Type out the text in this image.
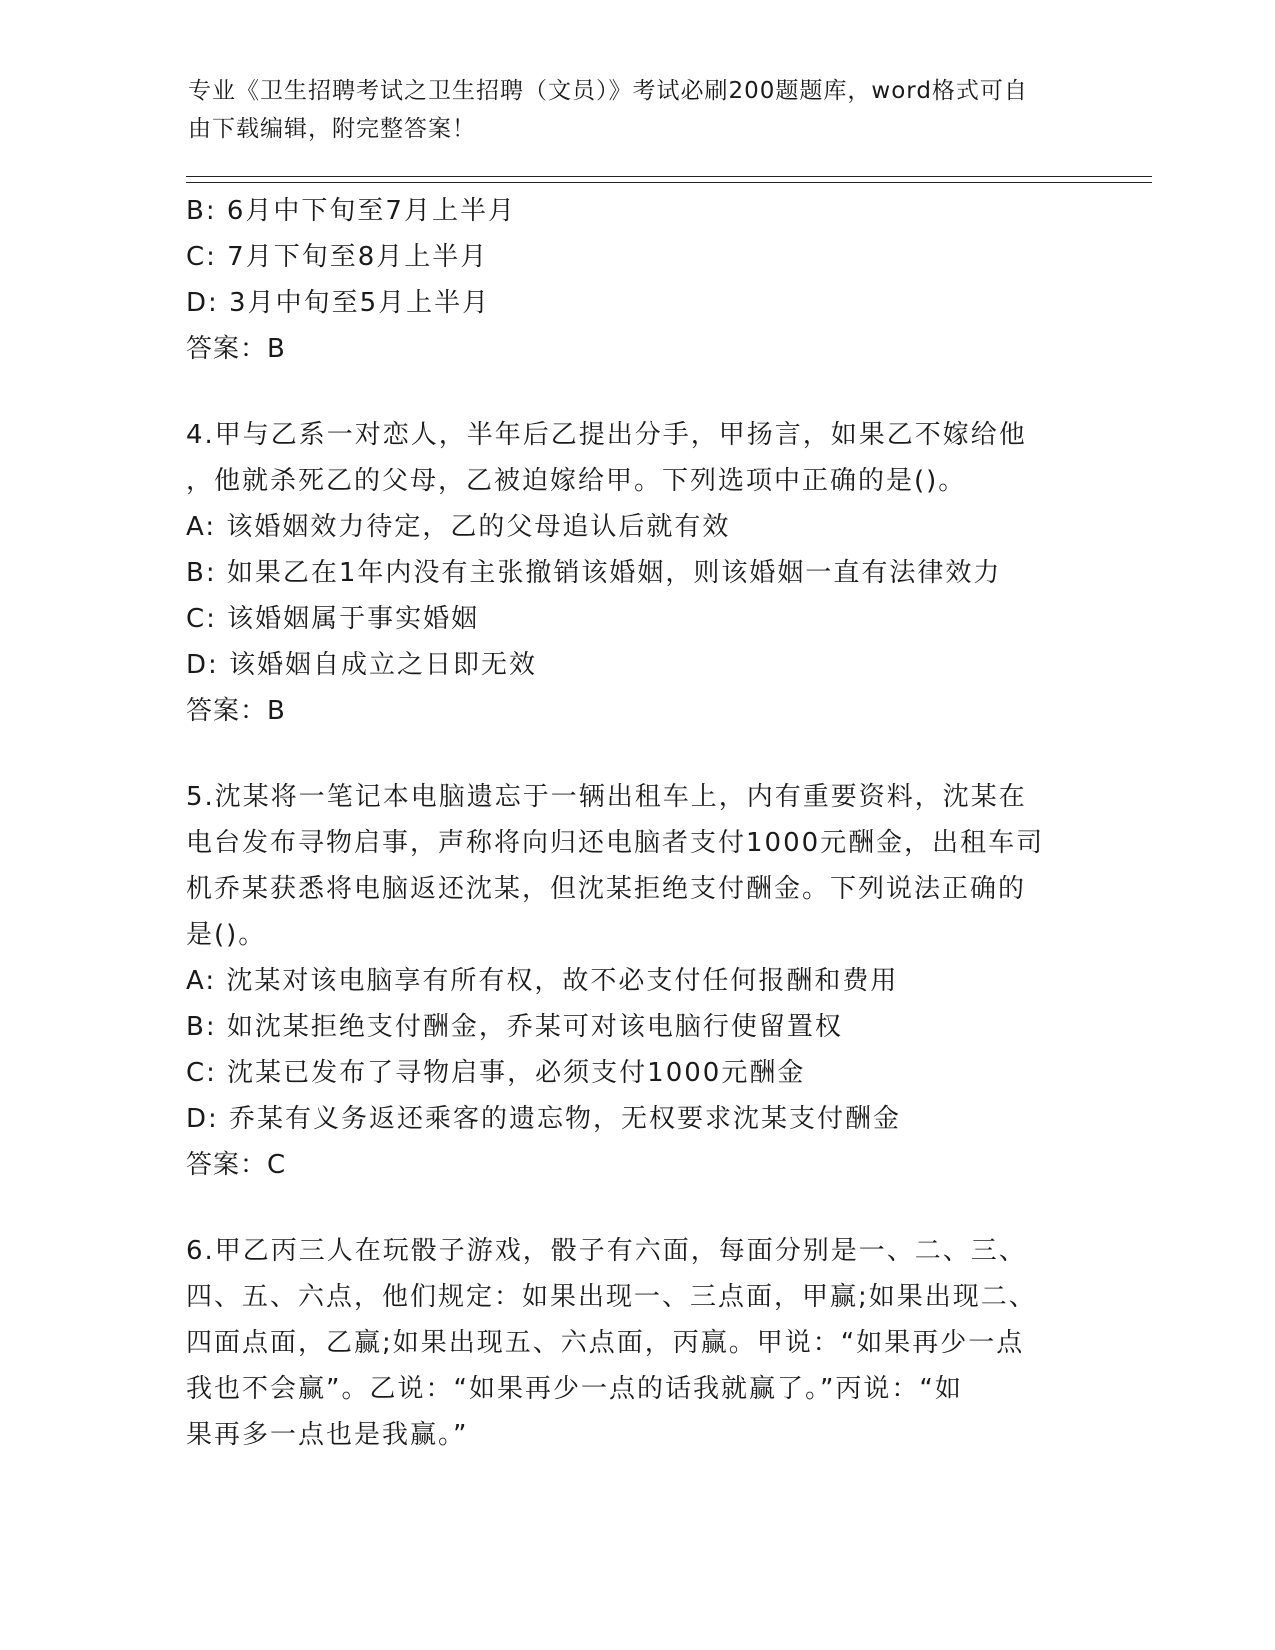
专业《卫生招聘考试之卫生招聘（文员）》考试必刷200题题库，word格式可自
由下载编辑，附完整答案！
B: 6月中下旬至7月上半月
C: 7月下旬至8月上半月
D: 3月中旬至5月上半月
答案：B
4.甲与乙系一对恋人，半年后乙提出分手，甲扬言，如果乙不嫁给他
，他就杀死乙的父母，乙被迫嫁给甲。下列选项中正确的是()。
A: 该婚姻效力待定，乙的父母追认后就有效
B: 如果乙在1年内没有主张撤销该婚姻，则该婚姻一直有法律效力
C: 该婚姻属于事实婚姻
D: 该婚姻自成立之日即无效
答案：B
5.沈某将一笔记本电脑遗忘于一辆出租车上，内有重要资料，沈某在
电台发布寻物启事，声称将向归还电脑者支付1000元酬金，出租车司
机乔某获悉将电脑返还沈某，但沈某拒绝支付酬金。下列说法正确的
是()。
A: 沈某对该电脑享有所有权，故不必支付任何报酬和费用
B: 如沈某拒绝支付酬金，乔某可对该电脑行使留置权
C: 沈某已发布了寻物启事，必须支付1000元酬金
D: 乔某有义务返还乘客的遗忘物，无权要求沈某支付酬金
答案：C
6.甲乙丙三人在玩骰子游戏，骰子有六面，每面分别是一、二、三、
四、五、六点，他们规定：如果出现一、三点面，甲赢;如果出现二、
四面点面，乙赢;如果出现五、六点面，丙赢。甲说：“如果再少一点
我也不会赢”。乙说：“如果再少一点的话我就赢了。”丙说：“如
果再多一点也是我赢。”
